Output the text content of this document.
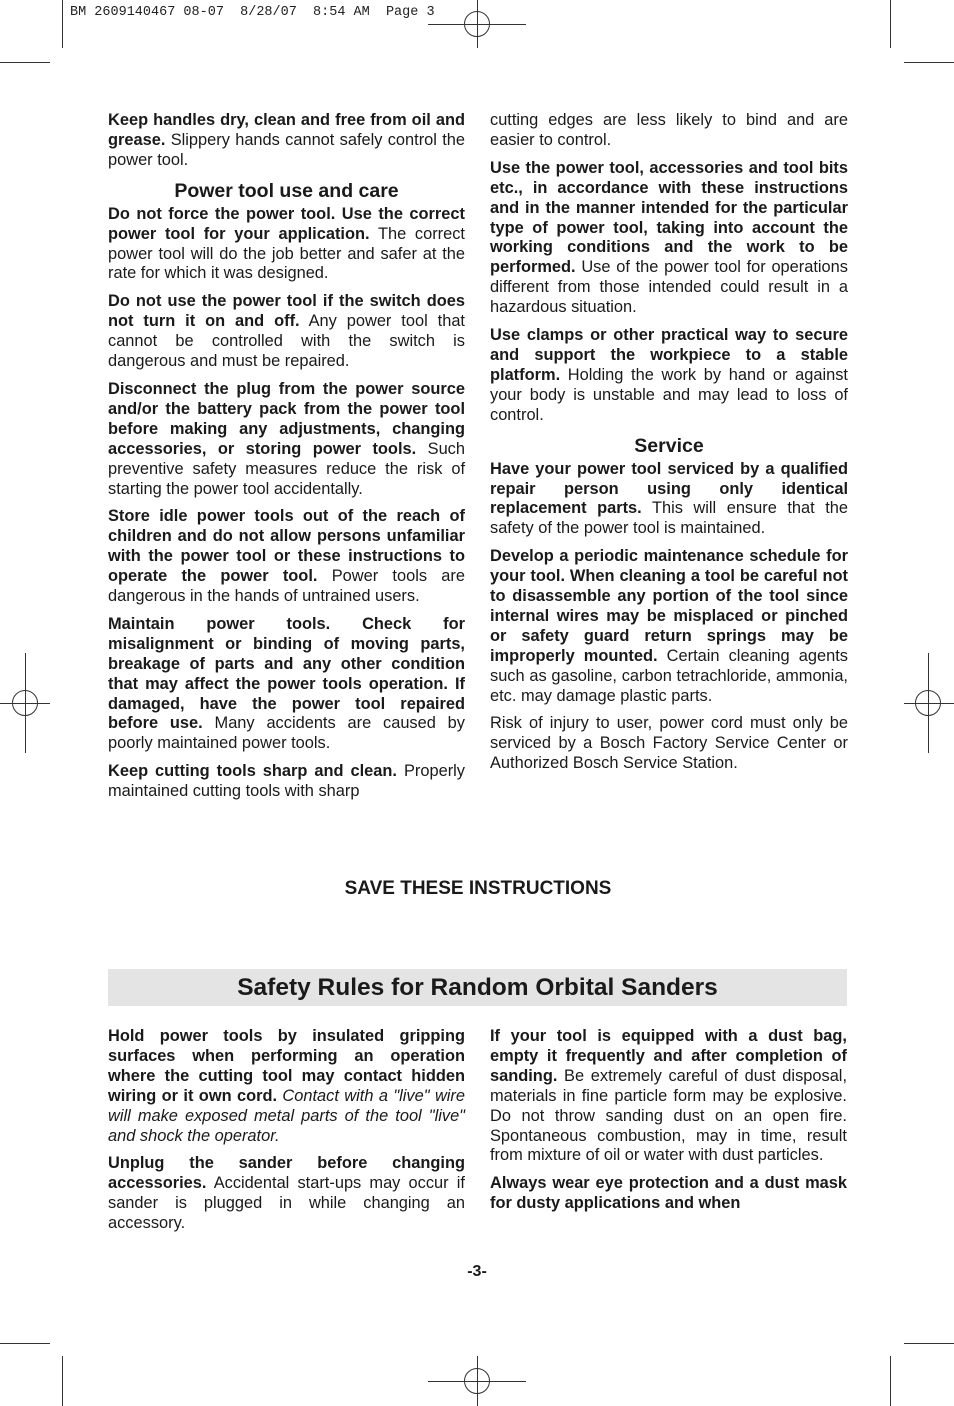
BM 2609140467 08-07  8/28/07  8:54 AM  Page 3

Keep handles dry, clean and free from oil and grease. Slippery hands cannot safely control the power tool.

Power tool use and care

Do not force the power tool. Use the correct power tool for your application. The correct power tool will do the job better and safer at the rate for which it was designed.

Do not use the power tool if the switch does not turn it on and off. Any power tool that cannot be controlled with the switch is dangerous and must be repaired.

Disconnect the plug from the power source and/or the battery pack from the power tool before making any adjustments, changing accessories, or storing power tools. Such preventive safety measures reduce the risk of starting the power tool accidentally.

Store idle power tools out of the reach of children and do not allow persons unfamiliar with the power tool or these instructions to operate the power tool. Power tools are dangerous in the hands of untrained users.

Maintain power tools. Check for misalignment or binding of moving parts, breakage of parts and any other condition that may affect the power tools operation. If damaged, have the power tool repaired before use. Many accidents are caused by poorly maintained power tools.

Keep cutting tools sharp and clean. Properly maintained cutting tools with sharp

cutting edges are less likely to bind and are easier to control.

Use the power tool, accessories and tool bits etc., in accordance with these instructions and in the manner intended for the particular type of power tool, taking into account the working conditions and the work to be performed. Use of the power tool for operations different from those intended could result in a hazardous situation.

Use clamps or other practical way to secure and support the workpiece to a stable platform. Holding the work by hand or against your body is unstable and may lead to loss of control.

Service

Have your power tool serviced by a qualified repair person using only identical replacement parts. This will ensure that the safety of the power tool is maintained.

Develop a periodic maintenance schedule for your tool. When cleaning a tool be careful not to disassemble any portion of the tool since internal wires may be misplaced or pinched or safety guard return springs may be improperly mounted. Certain cleaning agents such as gasoline, carbon tetrachloride, ammonia, etc. may damage plastic parts.

Risk of injury to user, power cord must only be serviced by a Bosch Factory Service Center or Authorized Bosch Service Station.

SAVE THESE INSTRUCTIONS
Safety Rules for Random Orbital Sanders

Hold power tools by insulated gripping surfaces when performing an operation where the cutting tool may contact hidden wiring or it own cord. Contact with a "live" wire will make exposed metal parts of the tool "live" and shock the operator.

Unplug the sander before changing accessories. Accidental start-ups may occur if sander is plugged in while changing an accessory.

If your tool is equipped with a dust bag, empty it frequently and after completion of sanding. Be extremely careful of dust disposal, materials in fine particle form may be explosive. Do not throw sanding dust on an open fire. Spontaneous combustion, may in time, result from mixture of oil or water with dust particles.

Always wear eye protection and a dust mask for dusty applications and when

-3-
